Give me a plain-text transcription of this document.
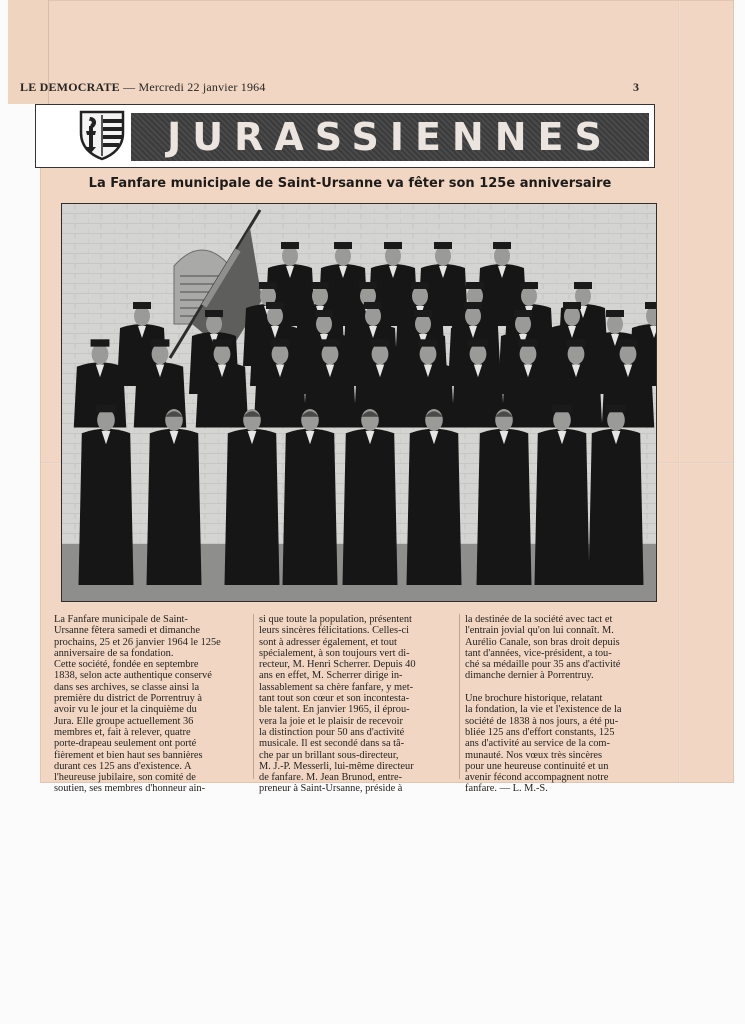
LE DEMOCRATE — Mercredi 22 janvier 1964	3
JURASSIENNES
La Fanfare municipale de Saint-Ursanne va fêter son 125e anniversaire
La Fanfare municipale de Saint-
Ursanne fêtera samedi et dimanche
prochains, 25 et 26 janvier 1964 le 125e
anniversaire de sa fondation.
Cette société, fondée en septembre
1838, selon acte authentique conservé
dans ses archives, se classe ainsi la
première du district de Porrentruy à
avoir vu le jour et la cinquième du
Jura. Elle groupe actuellement 36
membres et, fait à relever, quatre
porte-drapeau seulement ont porté
fièrement et bien haut ses bannières
durant ces 125 ans d'existence. A
l'heureuse jubilaire, son comité de
soutien, ses membres d'honneur ain-
si que toute la population, présentent
leurs sincères félicitations. Celles-ci
sont à adresser également, et tout
spécialement, à son toujours vert di-
recteur, M. Henri Scherrer. Depuis 40
ans en effet, M. Scherrer dirige in-
lassablement sa chère fanfare, y met-
tant tout son cœur et son incontesta-
ble talent. En janvier 1965, il éprou-
vera la joie et le plaisir de recevoir
la distinction pour 50 ans d'activité
musicale. Il est secondé dans sa tâ-
che par un brillant sous-directeur,
M. J.-P. Messerli, lui-même directeur
de fanfare. M. Jean Brunod, entre-
preneur à Saint-Ursanne, préside à
la destinée de la société avec tact et
l'entrain jovial qu'on lui connaît. M.
Aurélio Canale, son bras droit depuis
tant d'années, vice-président, a tou-
ché sa médaille pour 35 ans d'activité
dimanche dernier à Porrentruy.

Une brochure historique, relatant
la fondation, la vie et l'existence de la
société de 1838 à nos jours, a été pu-
bliée 125 ans d'effort constants, 125
ans d'activité au service de la com-
munauté. Nos vœux très sincères
pour une heureuse continuité et un
avenir fécond accompagnent notre
fanfare. — L. M.-S.
